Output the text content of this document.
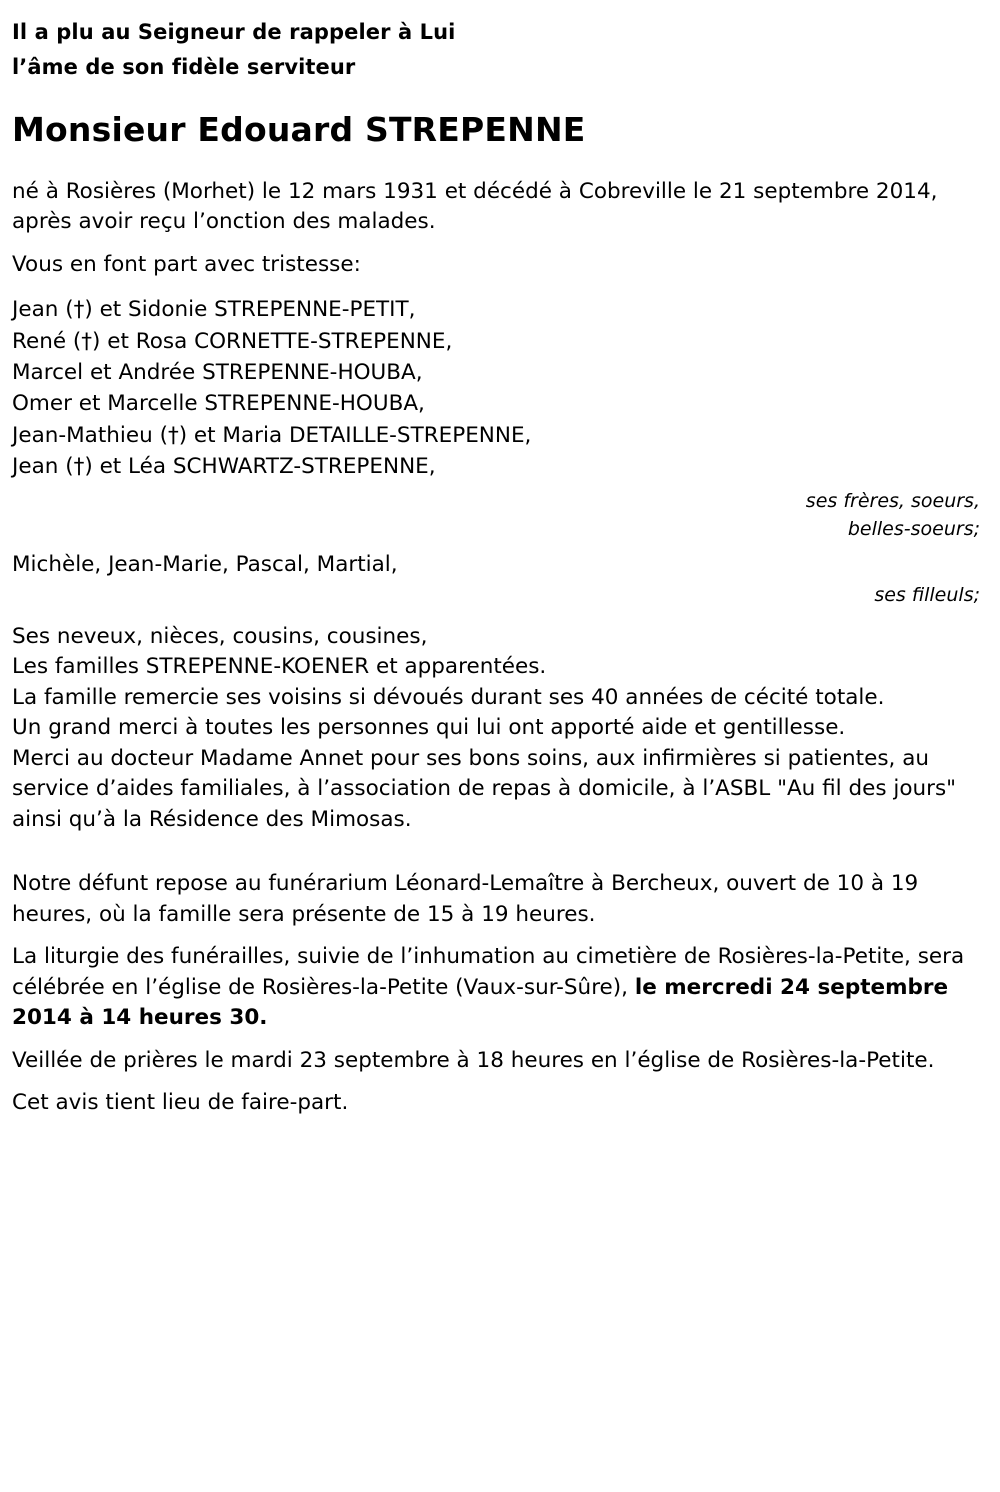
Il a plu au Seigneur de rappeler à Lui

l’âme de son fidèle serviteur

Monsieur Edouard STREPENNE

né à Rosières (Morhet) le 12 mars 1931 et décédé à Cobreville le 21 septembre 2014, après avoir reçu l’onction des malades.

Vous en font part avec tristesse:

Jean (†) et Sidonie STREPENNE-PETIT,
René (†) et Rosa CORNETTE-STREPENNE,
Marcel et Andrée STREPENNE-HOUBA,
Omer et Marcelle STREPENNE-HOUBA,
Jean-Mathieu (†) et Maria DETAILLE-STREPENNE,
Jean (†) et Léa SCHWARTZ-STREPENNE,
ses frères, soeurs,
belles-soeurs;

Michèle, Jean-Marie, Pascal, Martial,

ses filleuls;
Ses neveux, nièces, cousins, cousines,
Les familles STREPENNE-KOENER et apparentées.
La famille remercie ses voisins si dévoués durant ses 40 années de cécité totale.
Un grand merci à toutes les personnes qui lui ont apporté aide et gentillesse.
Merci au docteur Madame Annet pour ses bons soins, aux infirmières si patientes, au service d’aides familiales, à l’association de repas à domicile, à l’ASBL "Au fil des jours" ainsi qu’à la Résidence des Mimosas.

Notre défunt repose au funérarium Léonard-Lemaître à Bercheux, ouvert de 10 à 19 heures, où la famille sera présente de 15 à 19 heures.

La liturgie des funérailles, suivie de l’inhumation au cimetière de Rosières-la-Petite, sera célébrée en l’église de Rosières-la-Petite (Vaux-sur-Sûre), le mercredi 24 septembre 2014 à 14 heures 30.

Veillée de prières le mardi 23 septembre à 18 heures en l’église de Rosières-la-Petite.

Cet avis tient lieu de faire-part.
